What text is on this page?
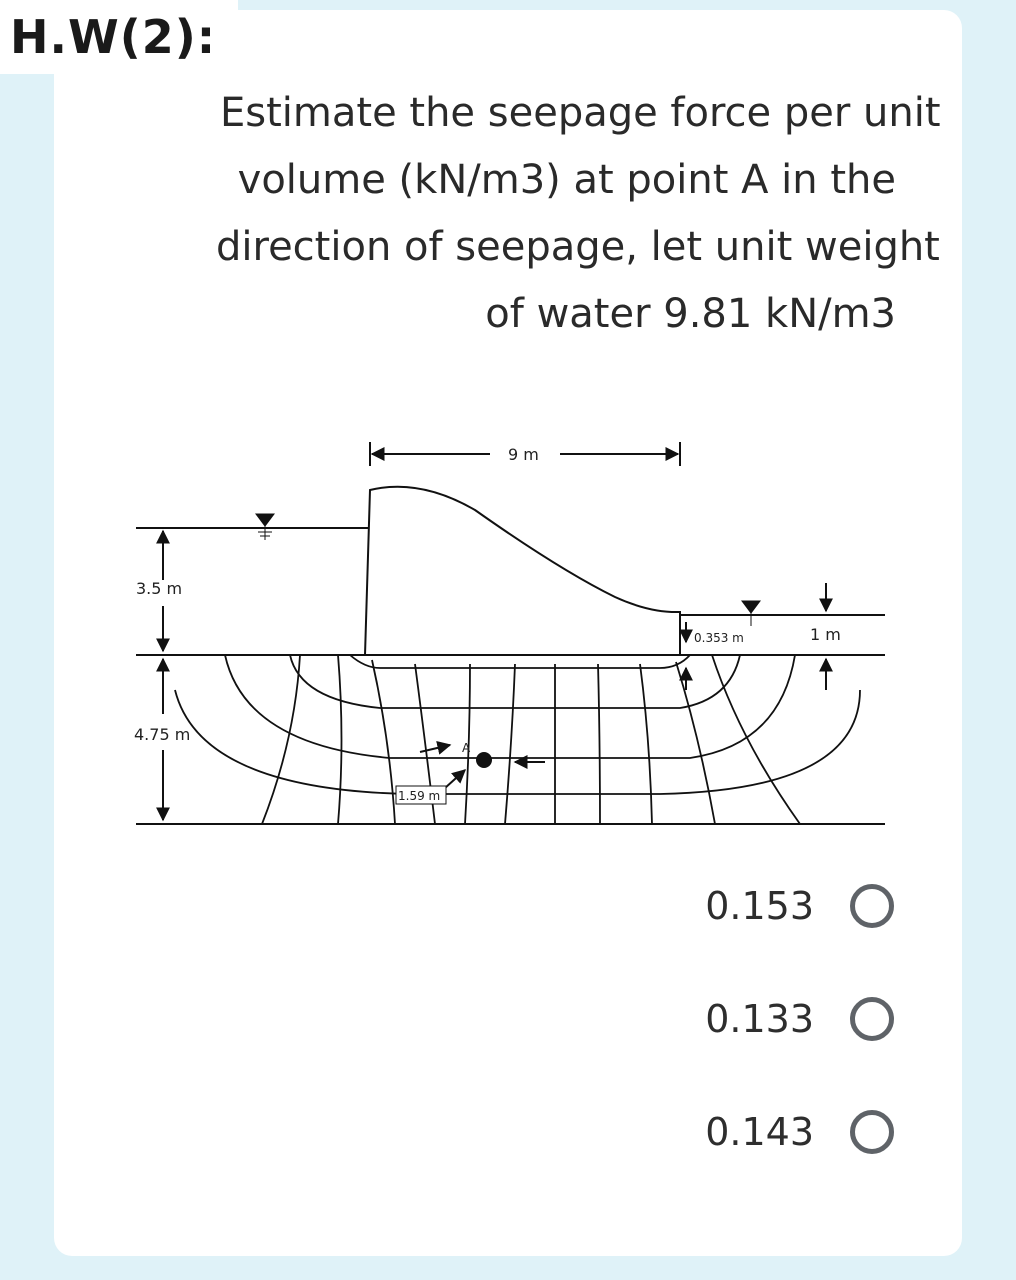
H.W(2):
Estimate the seepage force per unit
volume (kN/m3) at point A in the
direction of seepage, let unit weight
of water 9.81 kN/m3
9 m
3.5 m
4.75 m
0.353 m	1 m
1.59 m
A
0.153
0.133
0.143
